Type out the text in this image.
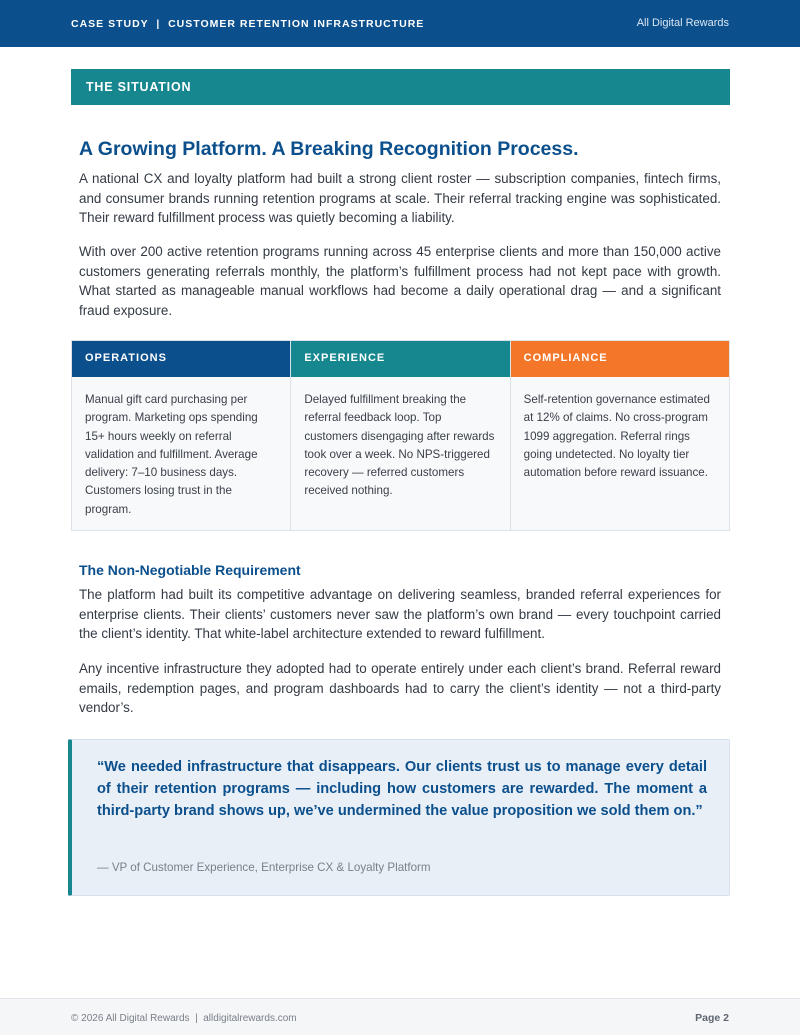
CASE STUDY  |  CUSTOMER RETENTION INFRASTRUCTURE	All Digital Rewards
THE SITUATION
A Growing Platform. A Breaking Recognition Process.

A national CX and loyalty platform had built a strong client roster — subscription companies, fintech firms, and consumer brands running retention programs at scale. Their referral tracking engine was sophisticated. Their reward fulfillment process was quietly becoming a liability.

With over 200 active retention programs running across 45 enterprise clients and more than 150,000 active customers generating referrals monthly, the platform’s fulfillment process had not kept pace with growth. What started as manageable manual workflows had become a daily operational drag — and a significant fraud exposure.

OPERATIONS
Manual gift card purchasing per program. Marketing ops spending 15+ hours weekly on referral validation and fulfillment. Average delivery: 7–10 business days. Customers losing trust in the program.
EXPERIENCE
Delayed fulfillment breaking the referral feedback loop. Top customers disengaging after rewards took over a week. No NPS-triggered recovery — referred customers received nothing.
COMPLIANCE
Self-retention governance estimated at 12% of claims. No cross-program 1099 aggregation. Referral rings going undetected. No loyalty tier automation before reward issuance.
The Non-Negotiable Requirement

The platform had built its competitive advantage on delivering seamless, branded referral experiences for enterprise clients. Their clients’ customers never saw the platform’s own brand — every touchpoint carried the client’s identity. That white-label architecture extended to reward fulfillment.

Any incentive infrastructure they adopted had to operate entirely under each client’s brand. Referral reward emails, redemption pages, and program dashboards had to carry the client’s identity — not a third-party vendor’s.

“We needed infrastructure that disappears. Our clients trust us to manage every detail of their retention programs — including how customers are rewarded. The moment a third-party brand shows up, we’ve undermined the value proposition we sold them on.”
— VP of Customer Experience, Enterprise CX & Loyalty Platform
© 2026 All Digital Rewards  |  alldigitalrewards.com	Page 2
